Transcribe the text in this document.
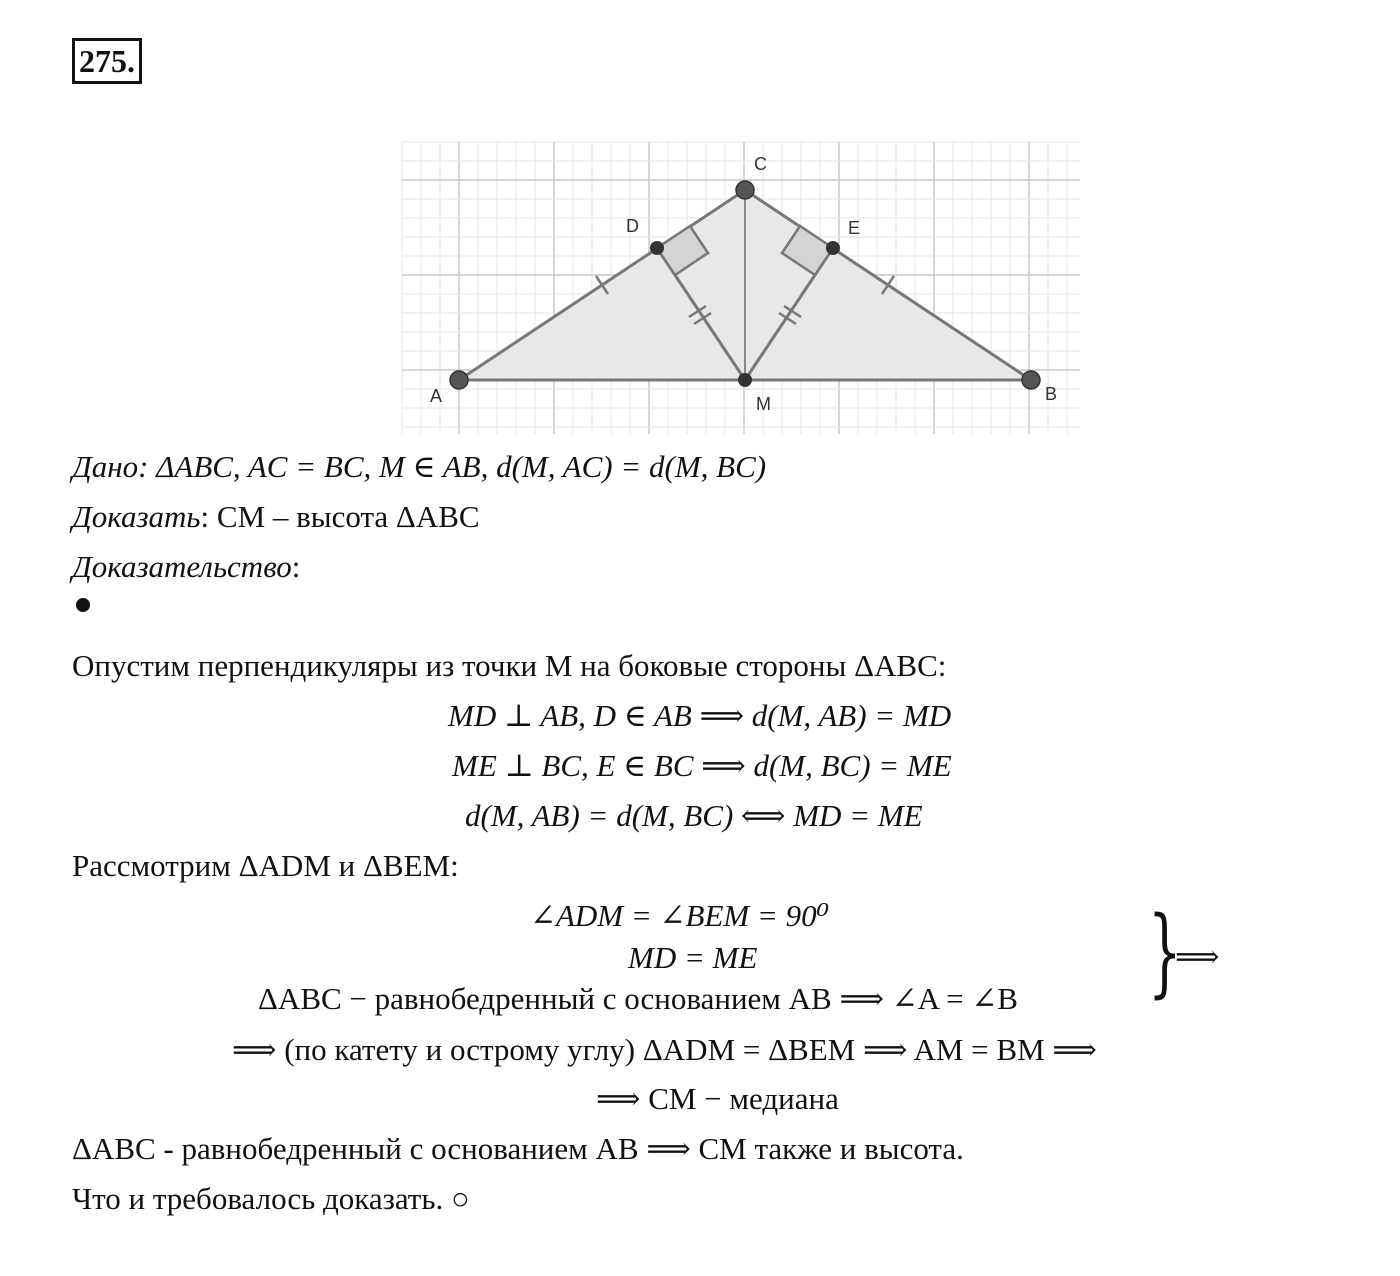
275.
A	B
C
D	E
M
Дано: ΔABC, AC = BC, M ∈ AB, d(M, AC) = d(M, BC)
Доказать: CM – высота ΔABC
Доказательство:
Опустим перпендикуляры из точки M на боковые стороны ΔABC:
MD ⊥ AB, D ∈ AB ⟹ d(M, AB) = MD
ME ⊥ BC, E ∈ BC ⟹ d(M, BC) = ME
d(M, AB) = d(M, BC) ⟺ MD = ME
Рассмотрим ΔADM и ΔBEM:
∠ADM = ∠BEM = 90⁰
MD = ME
ΔABC − равнобедренный с основанием AB ⟹ ∠A = ∠B }
⟹
⟹ (по катету и острому углу) ΔADM = ΔBEM ⟹ AM = BM ⟹
⟹ CM − медиана
ΔABC - равнобедренный с основанием AB ⟹ CM также и высота.
Что и требовалось доказать. ○
